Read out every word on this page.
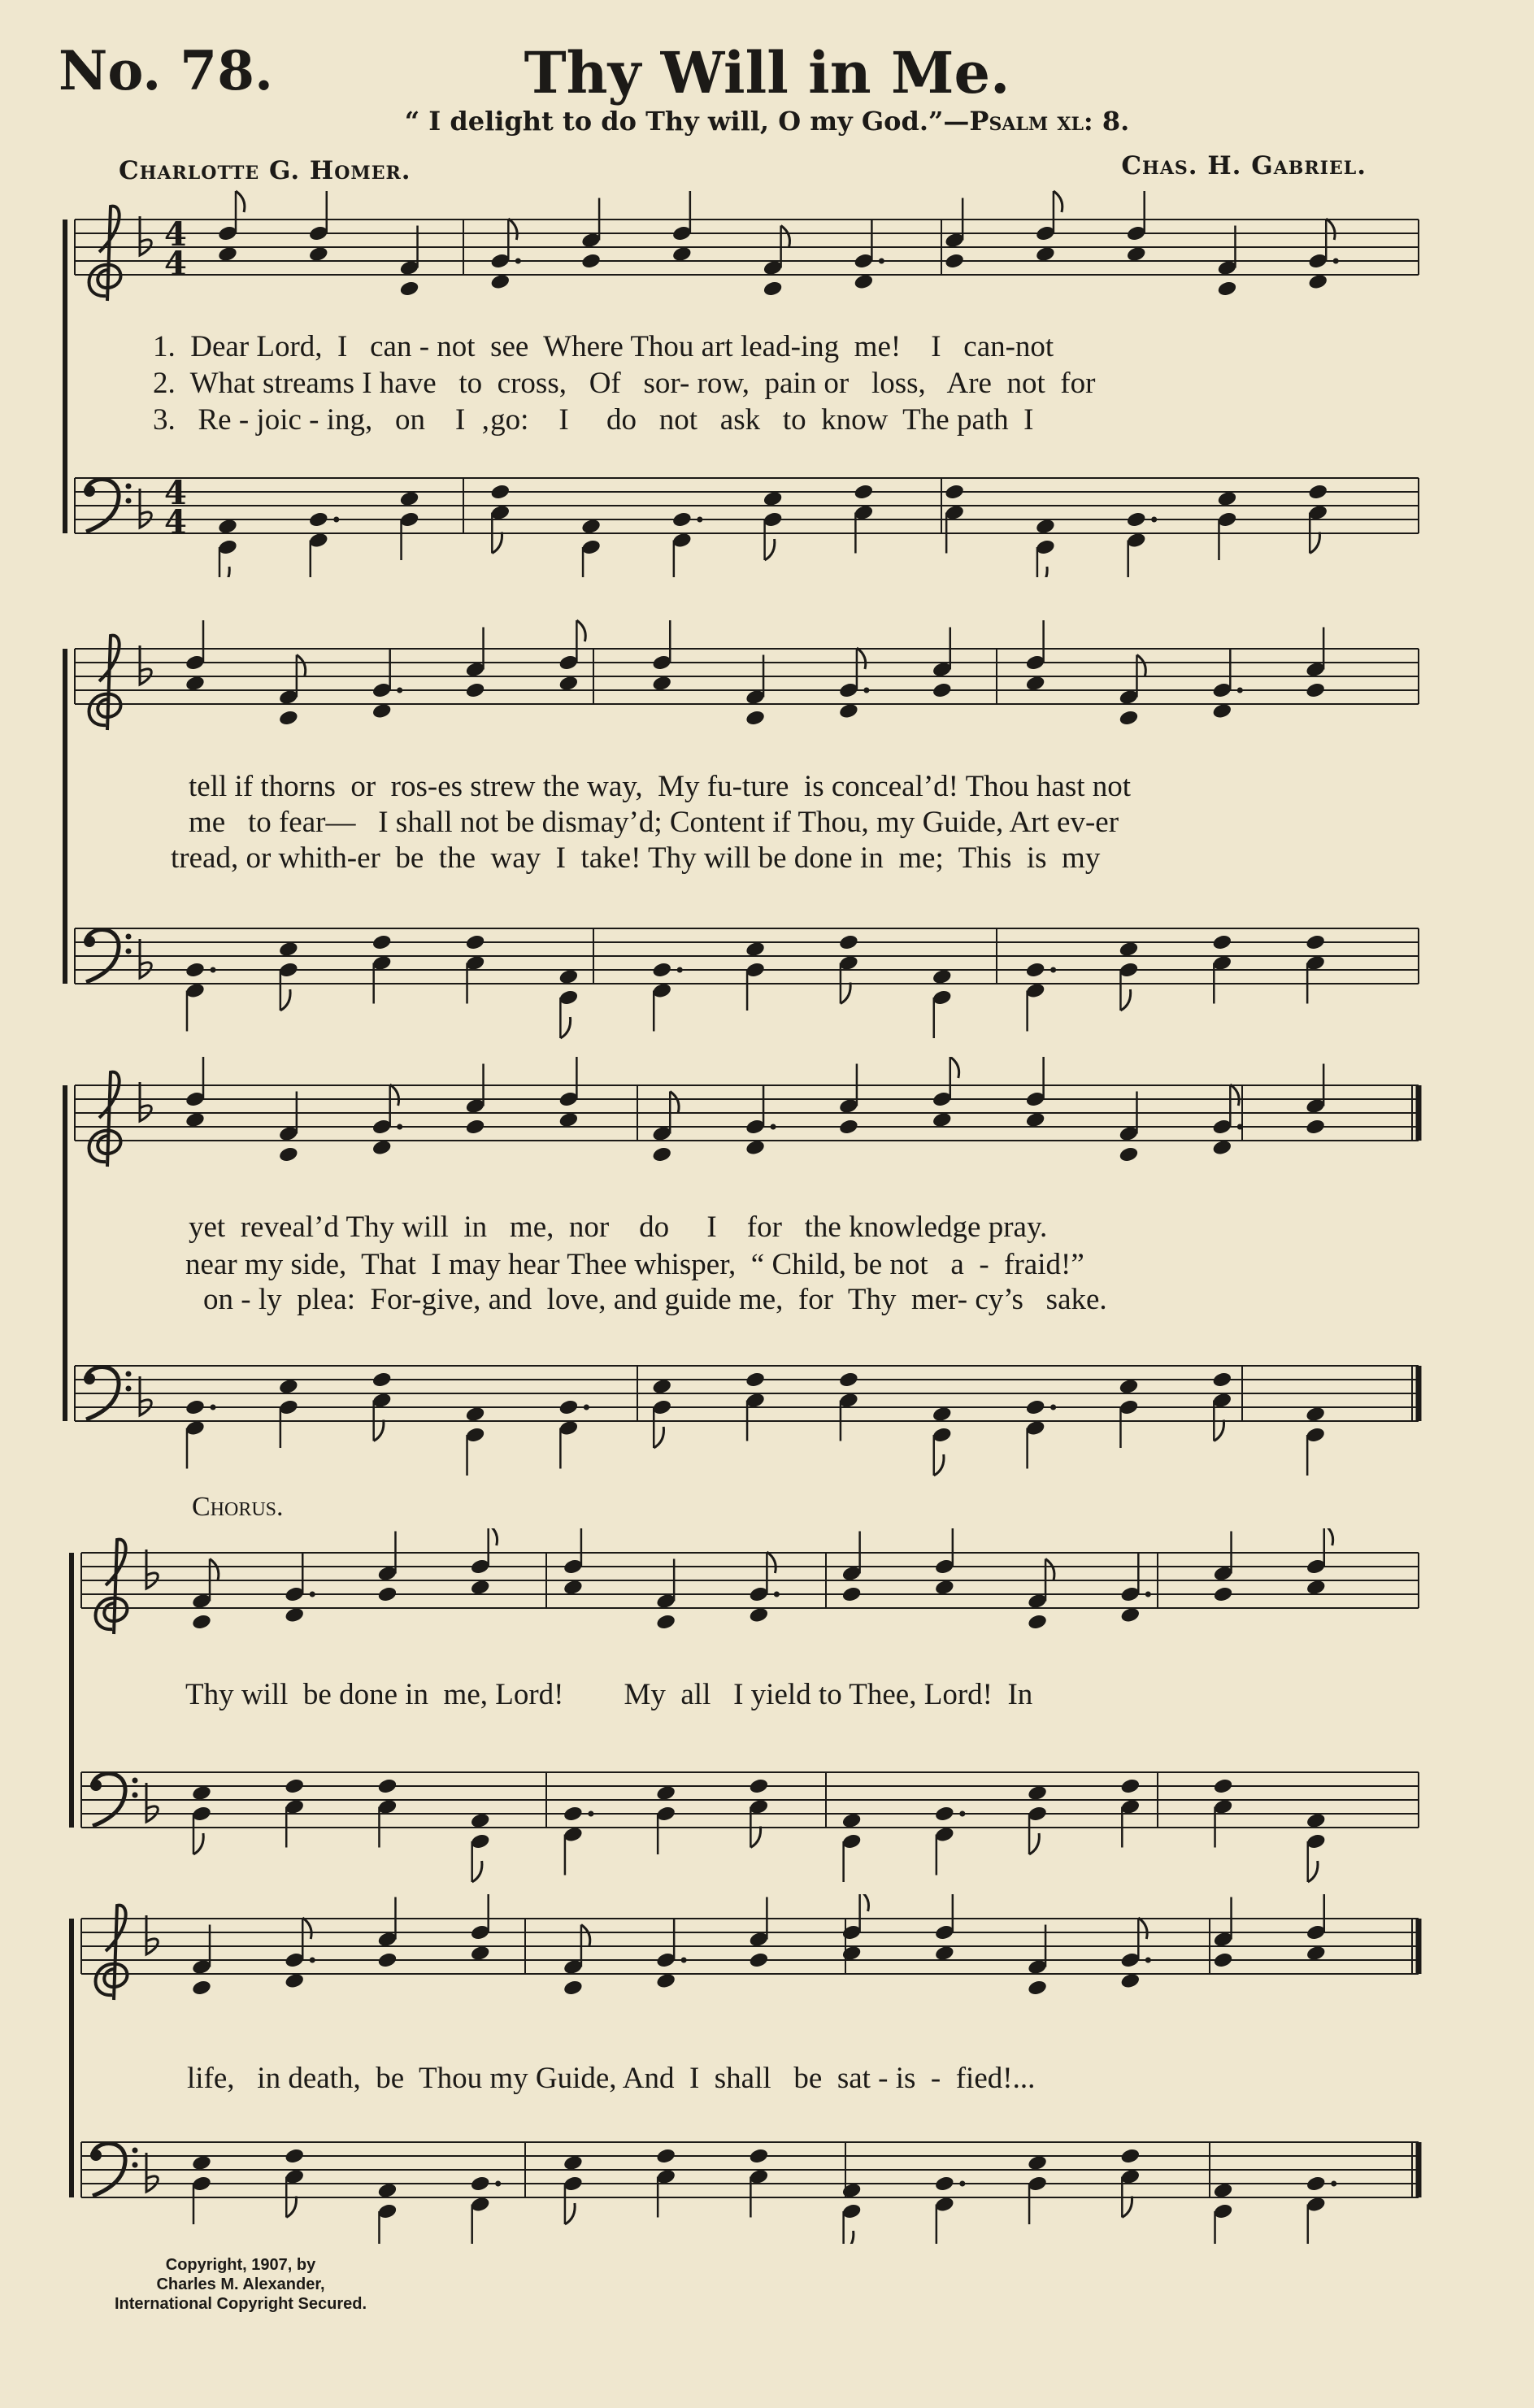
No. 78.	Thy Will in Me.
“ I delight to do Thy will, O my God.”—Psalm xl: 8.
Charlotte G. Homer.	Chas. H. Gabriel.
4
4
4
4
1.  Dear Lord,  I   can - not  see  Where Thou art lead-ing  me!    I   can-not
2.  What streams I have   to  cross,   Of   sor- row,  pain or   loss,   Are  not  for
3.   Re - joic - ing,   on    I  ‚go:    I     do   not   ask   to  know  The path  I
tell if thorns  or  ros-es strew the way,  My fu-ture  is conceal’d! Thou hast not
me   to fear—   I shall not be dismay’d; Content if Thou, my Guide, Art ev-er
tread, or whith-er  be  the  way  I  take! Thy will be done in  me;  This  is  my
yet  reveal’d Thy will  in   me,  nor    do     I    for   the knowledge pray.
near my side,  That  I may hear Thee whisper,  “ Child, be not   a  -  fraid!”
on - ly  plea:  For-give, and  love, and guide me,  for  Thy  mer- cy’s   sake.
Chorus.
Thy will  be done in  me, Lord!        My  all   I yield to Thee, Lord!  In
life,   in death,  be  Thou my Guide, And  I  shall   be  sat - is  -  fied!...
Copyright, 1907, by
Charles M. Alexander,
International Copyright Secured.
